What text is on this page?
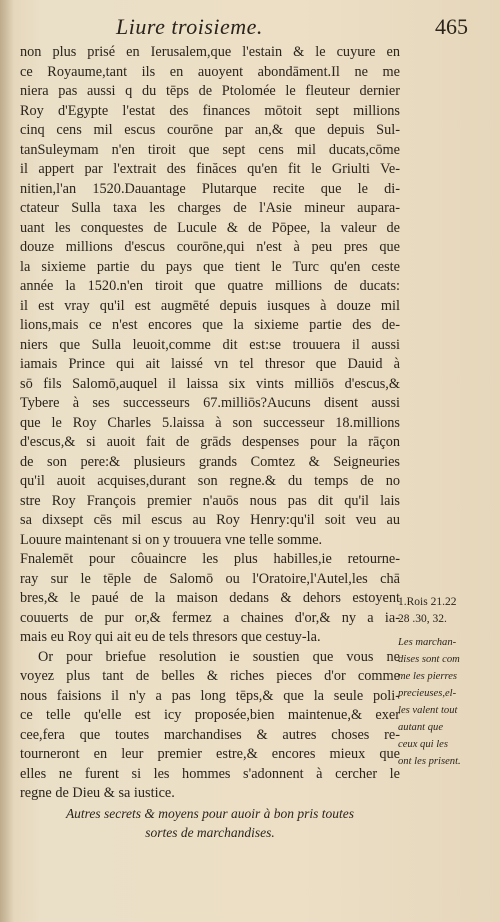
Liure troisieme.	465
non plus prisé en Ierusalem,que l'estain & le cuyure en
ce Royaume,tant ils en auoyent abondāment.Il ne me
niera pas aussi q du tēps de Ptolomée le fleuteur dernier
Roy d'Egypte l'estat des finances mōtoit sept millions
cinq cens mil escus courōne par an,& que depuis Sul-
tanSuleymam n'en tiroit que sept cens mil ducats,cōme
il appert par l'extrait des finăces qu'en fit le Griulti Ve-
nitien,l'an 1520.Dauantage Plutarque recite que le di-
ctateur Sulla taxa les charges de l'Asie mineur aupara-
uant les conquestes de Lucule & de Pōpee, la valeur de
douze millions d'escus courōne,qui n'est à peu pres que
la sixieme partie du pays que tient le Turc qu'en ceste
année la 1520.n'en tiroit que quatre millions de ducats:
il est vray qu'il est augmēté depuis iusques à douze mil
lions,mais ce n'est encores que la sixieme partie des de-
niers que Sulla leuoit,comme dit est:se trouuera il aussi
iamais Prince qui ait laissé vn tel thresor que Dauid à
sō fils Salomō,auquel il laissa six vints milliōs d'escus,&
Tybere à ses successeurs 67.milliōs?Aucuns disent aussi
que le Roy Charles 5.laissa à son successeur 18.millions
d'escus,& si auoit fait de grāds despenses pour la rāçon
de son pere:& plusieurs grands Comtez & Seigneuries
qu'il auoit acquises,durant son regne.& du temps de no
stre Roy François premier n'auōs nous pas dit qu'il lais
sa dixsept cēs mil escus au Roy Henry:qu'il soit veu au
Louure maintenant si on y trouuera vne telle somme.
Fnalemēt pour côuaincre les plus habilles,ie retourne-
ray sur le tēple de Salomō ou l'Oratoire,l'Autel,les chā
bres,& le paué de la maison dedans & dehors estoyent
couuerts de pur or,& fermez a chaines d'or,& ny a ia-
mais eu Roy qui ait eu de tels thresors que cestuy-la.
Or pour briefue resolution ie soustien que vous ne
voyez plus tant de belles & riches pieces d'or comme
nous faisions il n'y a pas long tēps,& que la seule poli-
ce telle qu'elle est icy proposée,bien maintenue,& exer
cee,fera que toutes marchandises & autres choses re-
tourneront en leur premier estre,& encores mieux que
elles ne furent si les hommes s'adonnent à cercher le
regne de Dieu & sa iustice.
Autres secrets & moyens pour auoir à bon pris toutes
sortes de marchandises.
1.Rois 21.22
28 .30, 32.
Les marchan-
dises sont com
me les pierres
precieuses,el-
les valent tout
autant que
ceux qui les
ont les prisent.
